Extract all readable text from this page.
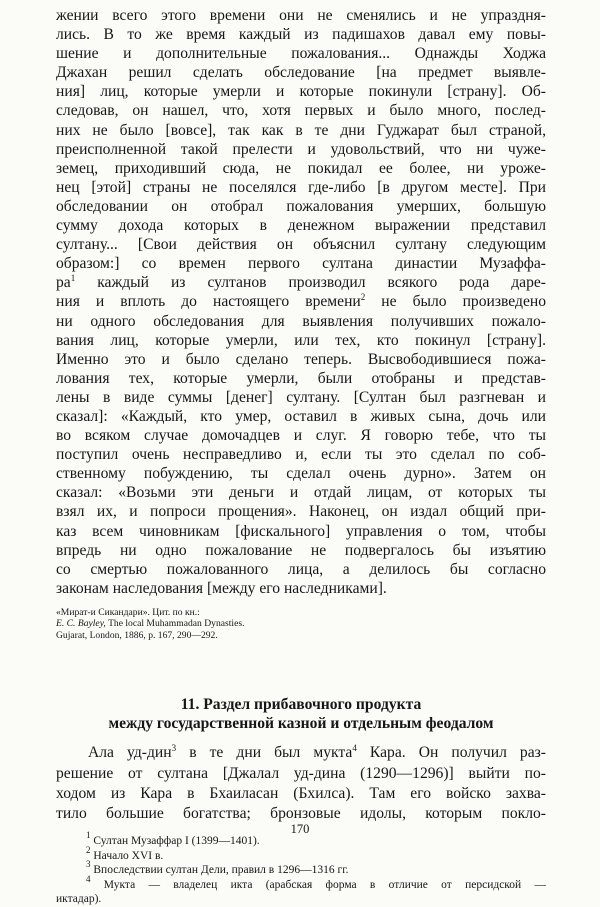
жении всего этого времени они не сменялись и не упраздня-
лись. В то же время каждый из падишахов давал ему повы-
шение и дополнительные пожалования... Однажды Ходжа
Джахан решил сделать обследование [на предмет выявле-
ния] лиц, которые умерли и которые покинули [страну]. Об-
следовав, он нашел, что, хотя первых и было много, послед-
них не было [вовсе], так как в те дни Гуджарат был страной,
преисполненной такой прелести и удовольствий, что ни чуже-
земец, приходивший сюда, не покидал ее более, ни уроже-
нец [этой] страны не поселялся где-либо [в другом месте]. При
обследовании он отобрал пожалования умерших, большую
сумму дохода которых в денежном выражении представил
султану... [Свои действия он объяснил султану следующим
образом:] со времен первого султана династии Музаффа-
$ра^1$ каждый из султанов производил всякого рода даре-
ния и вплоть до настоящего времени$^2$ не было произведено
ни одного обследования для выявления получивших пожало-
вания лиц, которые умерли, или тех, кто покинул [страну].
Именно это и было сделано теперь. Высвободившиеся пожа-
лования тех, которые умерли, были отобраны и представ-
лены в виде суммы [денег] султану. [Султан был разгневан и
сказал]: «Каждый, кто умер, оставил в живых сына, дочь или
во всяком случае домочадцев и слуг. Я говорю тебе, что ты
поступил очень несправедливо и, если ты это сделал по соб-
ственному побуждению, ты сделал очень дурно». Затем он
сказал: «Возьми эти деньги и отдай лицам, от которых ты
взял их, и попроси прощения». Наконец, он издал общий при-
каз всем чиновникам [фискального] управления о том, чтобы
впредь ни одно пожалование не подвергалось бы изъятию
со смертью пожалованного лица, а делилось бы согласно
законам наследования [между его наследниками].
«Мират-и Сикандари». Цит. по кн.:
E. C. Bayley, The local Muhammadan Dynasties.
Gujarat, London, 1886, p. 167, 290—292.
11. Раздел прибавочного продукта
между государственной казной и отдельным феодалом
Ала уд-дин$^3$ в те дни был мукта$^4$ Кара. Он получил раз-
решение от султана [Джалал уд-дина (1290—1296)] выйти по-
ходом из Кара в Бхаиласан (Бхилса). Там его войско захва-
тило большие богатства; бронзовые идолы, которым покло-
$^1$ Султан Музаффар I (1399—1401).
$^2$ Начало XVI в.
$^3$ Впоследствии султан Дели, правил в 1296—1316 гг.
$^4$ Мукта — владелец икта (арабская форма в отличие от персидской —
иктадар).
170
